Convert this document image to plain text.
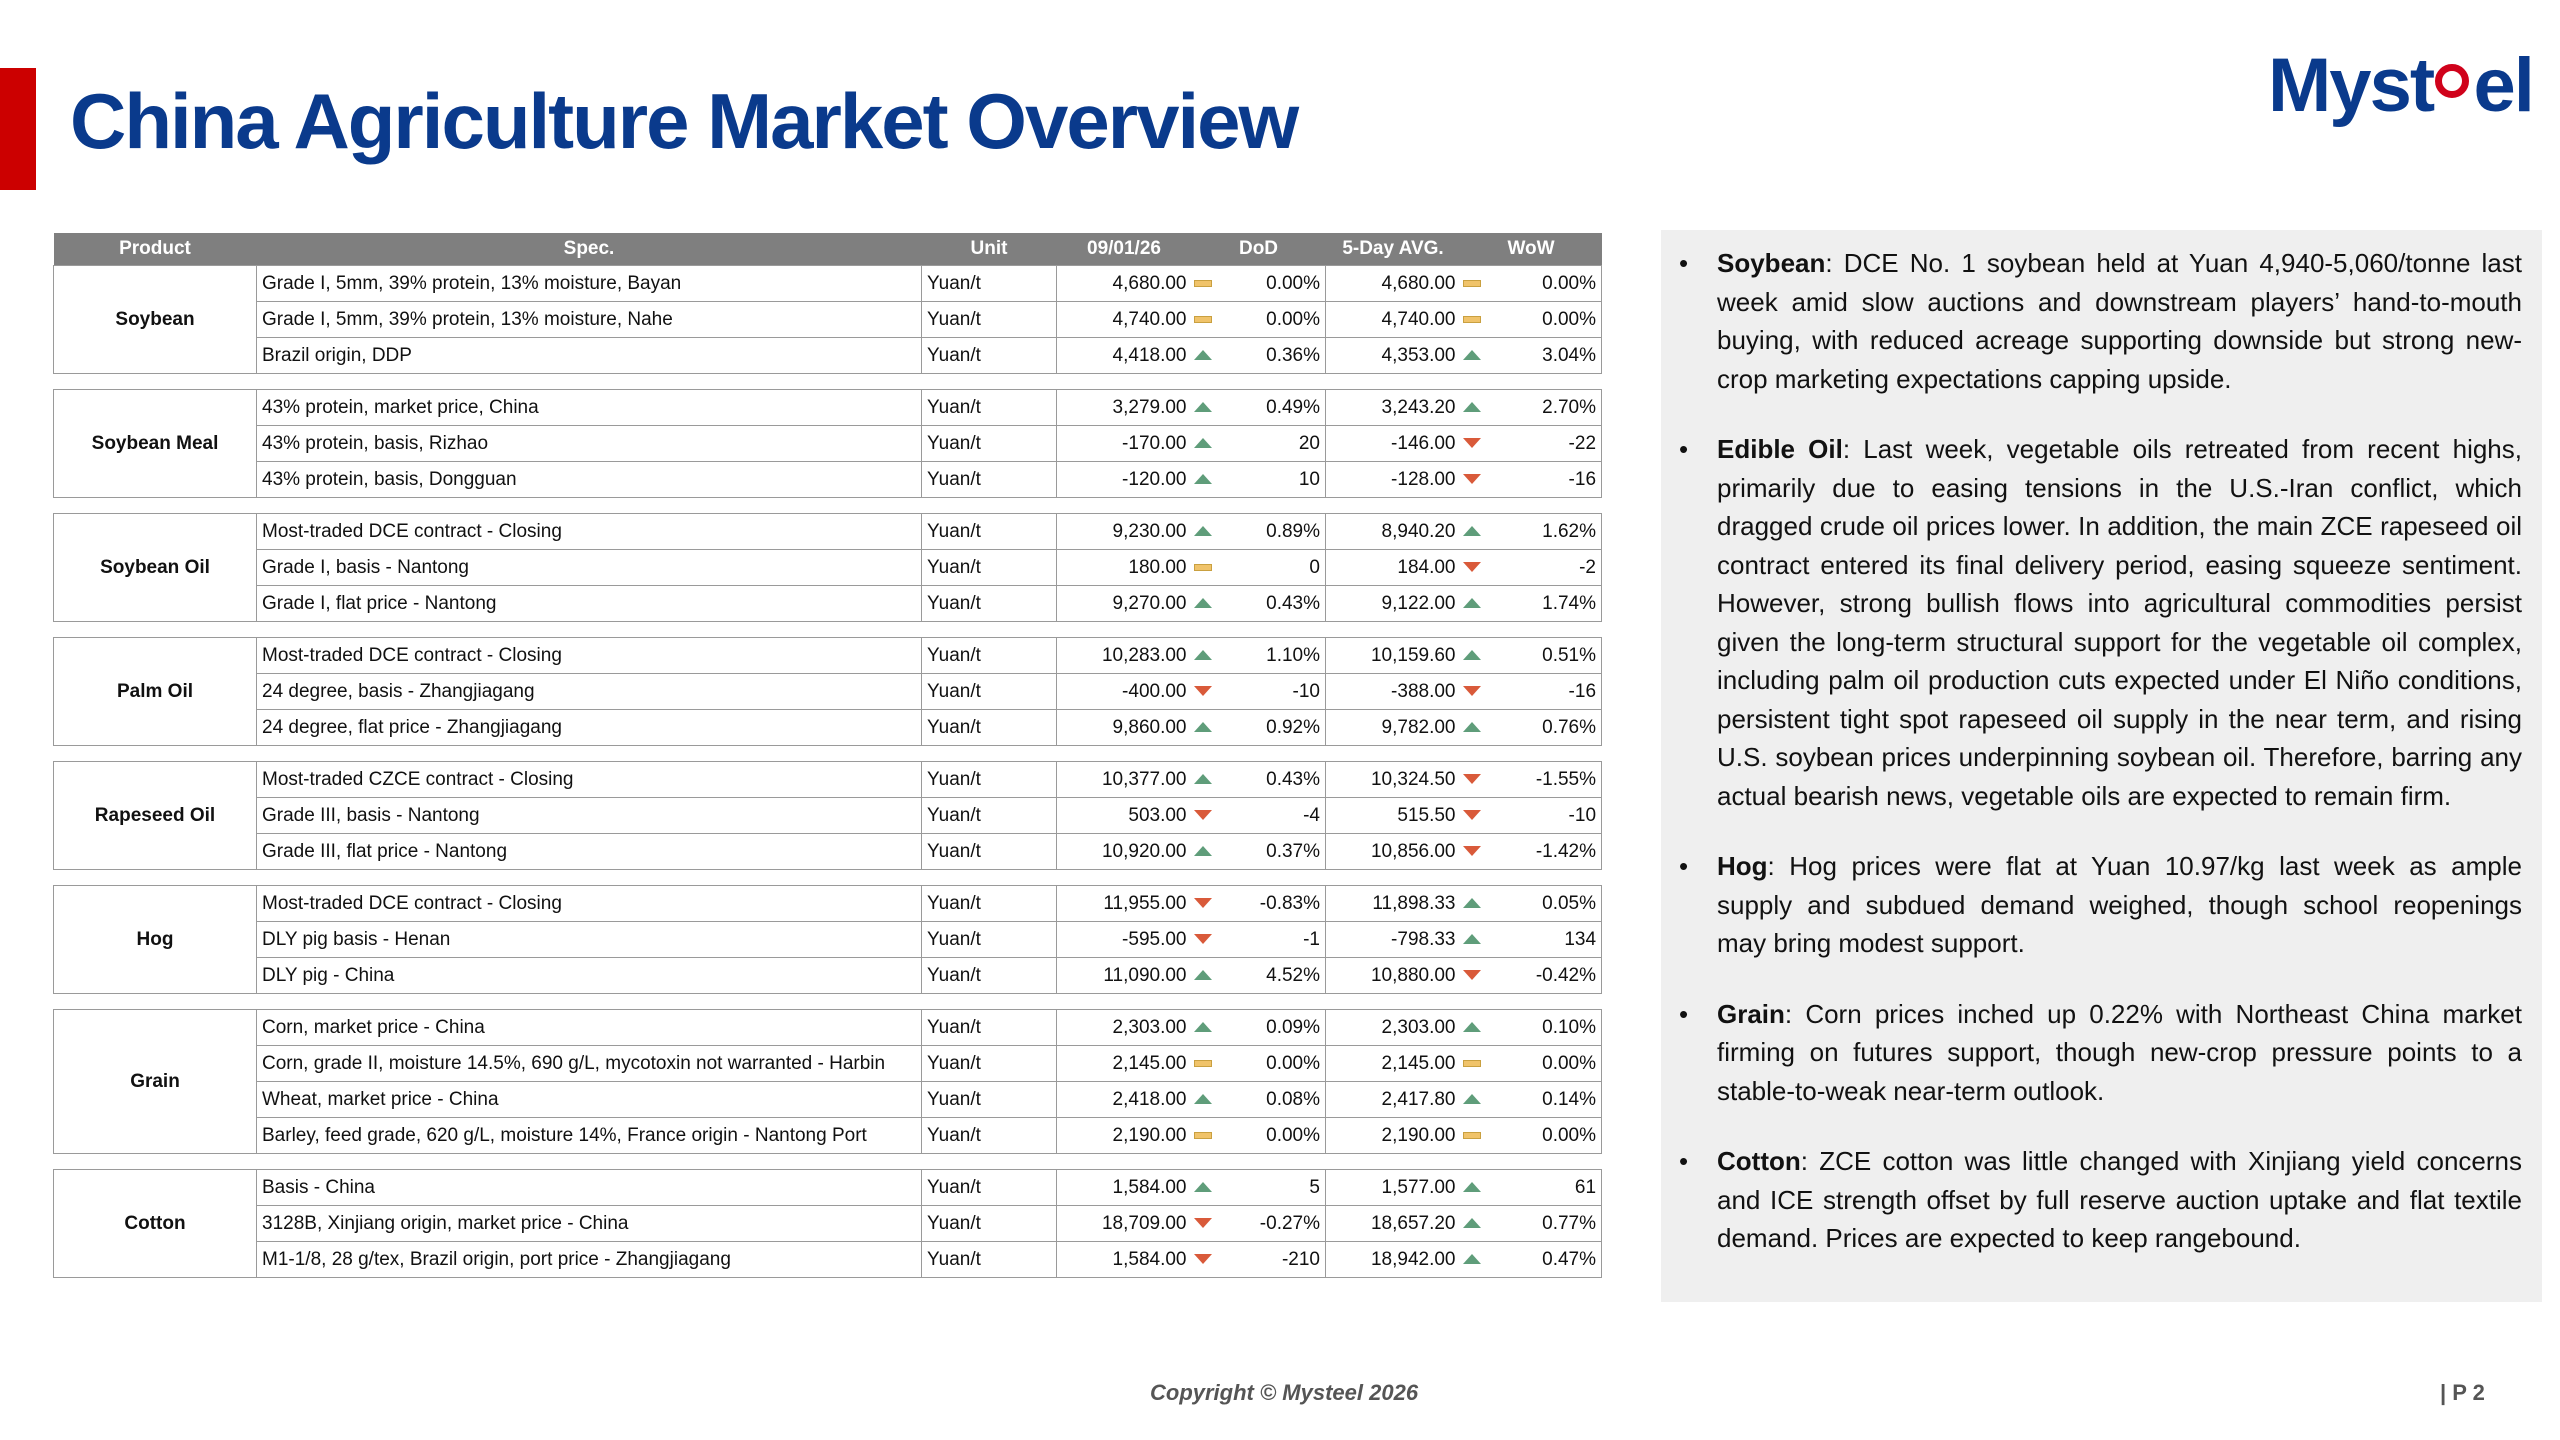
China Agriculture Market Overview	Myst el
Product	Spec.	Unit	09/01/26	DoD		5-Day AVG.	WoW	
Soybean	Grade I, 5mm, 39% protein, 13% moisture, Bayan	Yuan/t	4,680.00		0.00%	4,680.00		0.00%
	Grade I, 5mm, 39% protein, 13% moisture, Nahe	Yuan/t	4,740.00		0.00%	4,740.00		0.00%
	Brazil origin, DDP	Yuan/t	4,418.00		0.36%	4,353.00		3.04%

Soybean Meal	43% protein, market price, China	Yuan/t	3,279.00		0.49%	3,243.20		2.70%
	43% protein, basis, Rizhao	Yuan/t	-170.00		20	-146.00		-22
	43% protein, basis, Dongguan	Yuan/t	-120.00		10	-128.00		-16

Soybean Oil	Most-traded DCE contract - Closing	Yuan/t	9,230.00		0.89%	8,940.20		1.62%
	Grade I, basis - Nantong	Yuan/t	180.00		0	184.00		-2
	Grade I, flat price - Nantong	Yuan/t	9,270.00		0.43%	9,122.00		1.74%

Palm Oil	Most-traded DCE contract - Closing	Yuan/t	10,283.00		1.10%	10,159.60		0.51%
	24 degree, basis - Zhangjiagang	Yuan/t	-400.00		-10	-388.00		-16
	24 degree, flat price - Zhangjiagang	Yuan/t	9,860.00		0.92%	9,782.00		0.76%

Rapeseed Oil	Most-traded CZCE contract - Closing	Yuan/t	10,377.00		0.43%	10,324.50		-1.55%
	Grade III, basis - Nantong	Yuan/t	503.00		-4	515.50		-10
	Grade III, flat price - Nantong	Yuan/t	10,920.00		0.37%	10,856.00		-1.42%

Hog	Most-traded DCE contract - Closing	Yuan/t	11,955.00		-0.83%	11,898.33		0.05%
	DLY pig basis - Henan	Yuan/t	-595.00		-1	-798.33		134
	DLY pig - China	Yuan/t	11,090.00		4.52%	10,880.00		-0.42%

Grain	Corn, market price - China	Yuan/t	2,303.00		0.09%	2,303.00		0.10%
	Corn, grade II, moisture 14.5%, 690 g/L, mycotoxin not warranted - Harbin	Yuan/t	2,145.00		0.00%	2,145.00		0.00%
	Wheat, market price - China	Yuan/t	2,418.00		0.08%	2,417.80		0.14%
	Barley, feed grade, 620 g/L, moisture 14%, France origin - Nantong Port	Yuan/t	2,190.00		0.00%	2,190.00		0.00%

Cotton	Basis - China	Yuan/t	1,584.00		5	1,577.00		61
	3128B, Xinjiang origin, market price - China	Yuan/t	18,709.00		-0.27%	18,657.20		0.77%
	M1-1/8, 28 g/tex, Brazil origin, port price - Zhangjiagang	Yuan/t	1,584.00		-210	18,942.00		0.47%
• Soybean: DCE No. 1 soybean held at Yuan 4,940-5,060/tonne last week amid slow auctions and downstream players’ hand-to-mouth buying, with reduced acreage supporting downside but strong new-crop marketing expectations capping upside.
• Edible Oil: Last week, vegetable oils retreated from recent highs, primarily due to easing tensions in the U.S.-Iran conflict, which dragged crude oil prices lower. In addition, the main ZCE rapeseed oil contract entered its final delivery period, easing squeeze sentiment. However, strong bullish flows into agricultural commodities persist given the long-term structural support for the vegetable oil complex, including palm oil production cuts expected under El Niño conditions, persistent tight spot rapeseed oil supply in the near term, and rising U.S. soybean prices underpinning soybean oil. Therefore, barring any actual bearish news, vegetable oils are expected to remain firm.
• Hog: Hog prices were flat at Yuan 10.97/kg last week as ample supply and subdued demand weighed, though school reopenings may bring modest support.
• Grain: Corn prices inched up 0.22% with Northeast China market firming on futures support, though new-crop pressure points to a stable-to-weak near-term outlook.
• Cotton: ZCE cotton was little changed with Xinjiang yield concerns and ICE strength offset by full reserve auction uptake and flat textile demand. Prices are expected to keep rangebound.
Copyright © Mysteel 2026	| P 2
